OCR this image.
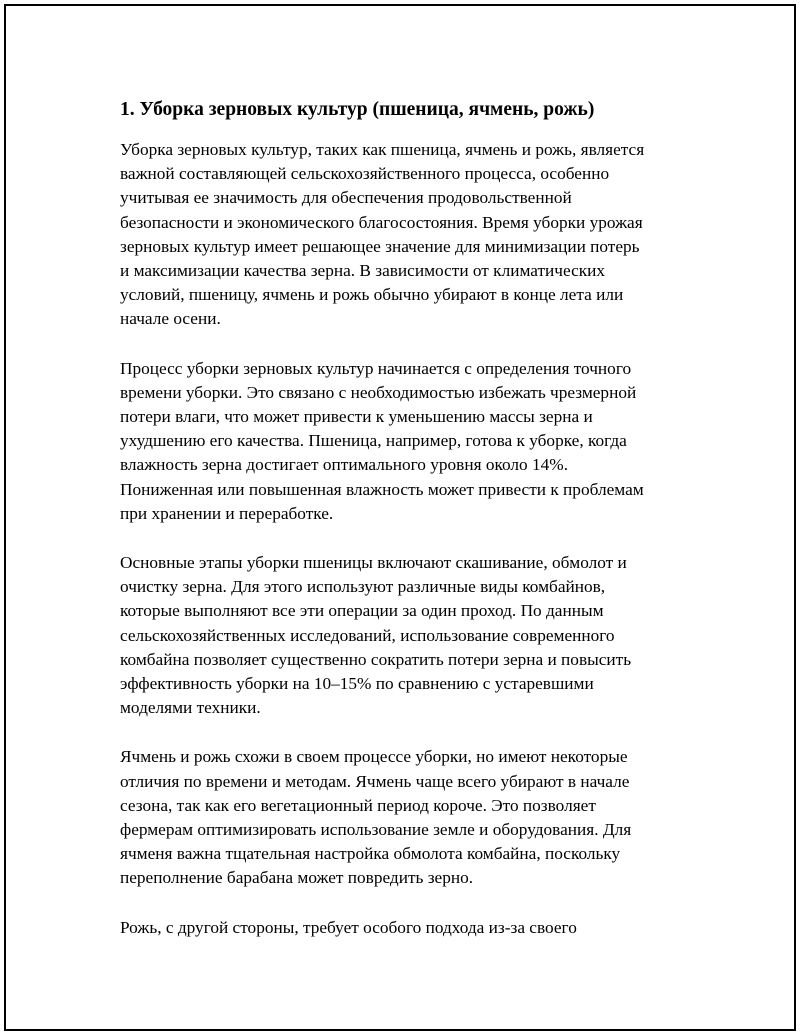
1. Уборка зерновых культур (пшеница, ячмень, рожь)

Уборка зерновых культур, таких как пшеница, ячмень и рожь, является
важной составляющей сельскохозяйственного процесса, особенно
учитывая ее значимость для обеспечения продовольственной
безопасности и экономического благосостояния. Время уборки урожая
зерновых культур имеет решающее значение для минимизации потерь
и максимизации качества зерна. В зависимости от климатических
условий, пшеницу, ячмень и рожь обычно убирают в конце лета или
начале осени.

Процесс уборки зерновых культур начинается с определения точного
времени уборки. Это связано с необходимостью избежать чрезмерной
потери влаги, что может привести к уменьшению массы зерна и
ухудшению его качества. Пшеница, например, готова к уборке, когда
влажность зерна достигает оптимального уровня около 14%.
Пониженная или повышенная влажность может привести к проблемам
при хранении и переработке.

Основные этапы уборки пшеницы включают скашивание, обмолот и
очистку зерна. Для этого используют различные виды комбайнов,
которые выполняют все эти операции за один проход. По данным
сельскохозяйственных исследований, использование современного
комбайна позволяет существенно сократить потери зерна и повысить
эффективность уборки на 10–15% по сравнению с устаревшими
моделями техники.

Ячмень и рожь схожи в своем процессе уборки, но имеют некоторые
отличия по времени и методам. Ячмень чаще всего убирают в начале
сезона, так как его вегетационный период короче. Это позволяет
фермерам оптимизировать использование земле и оборудования. Для
ячменя важна тщательная настройка обмолота комбайна, поскольку
переполнение барабана может повредить зерно.

Рожь, с другой стороны, требует особого подхода из-за своего
